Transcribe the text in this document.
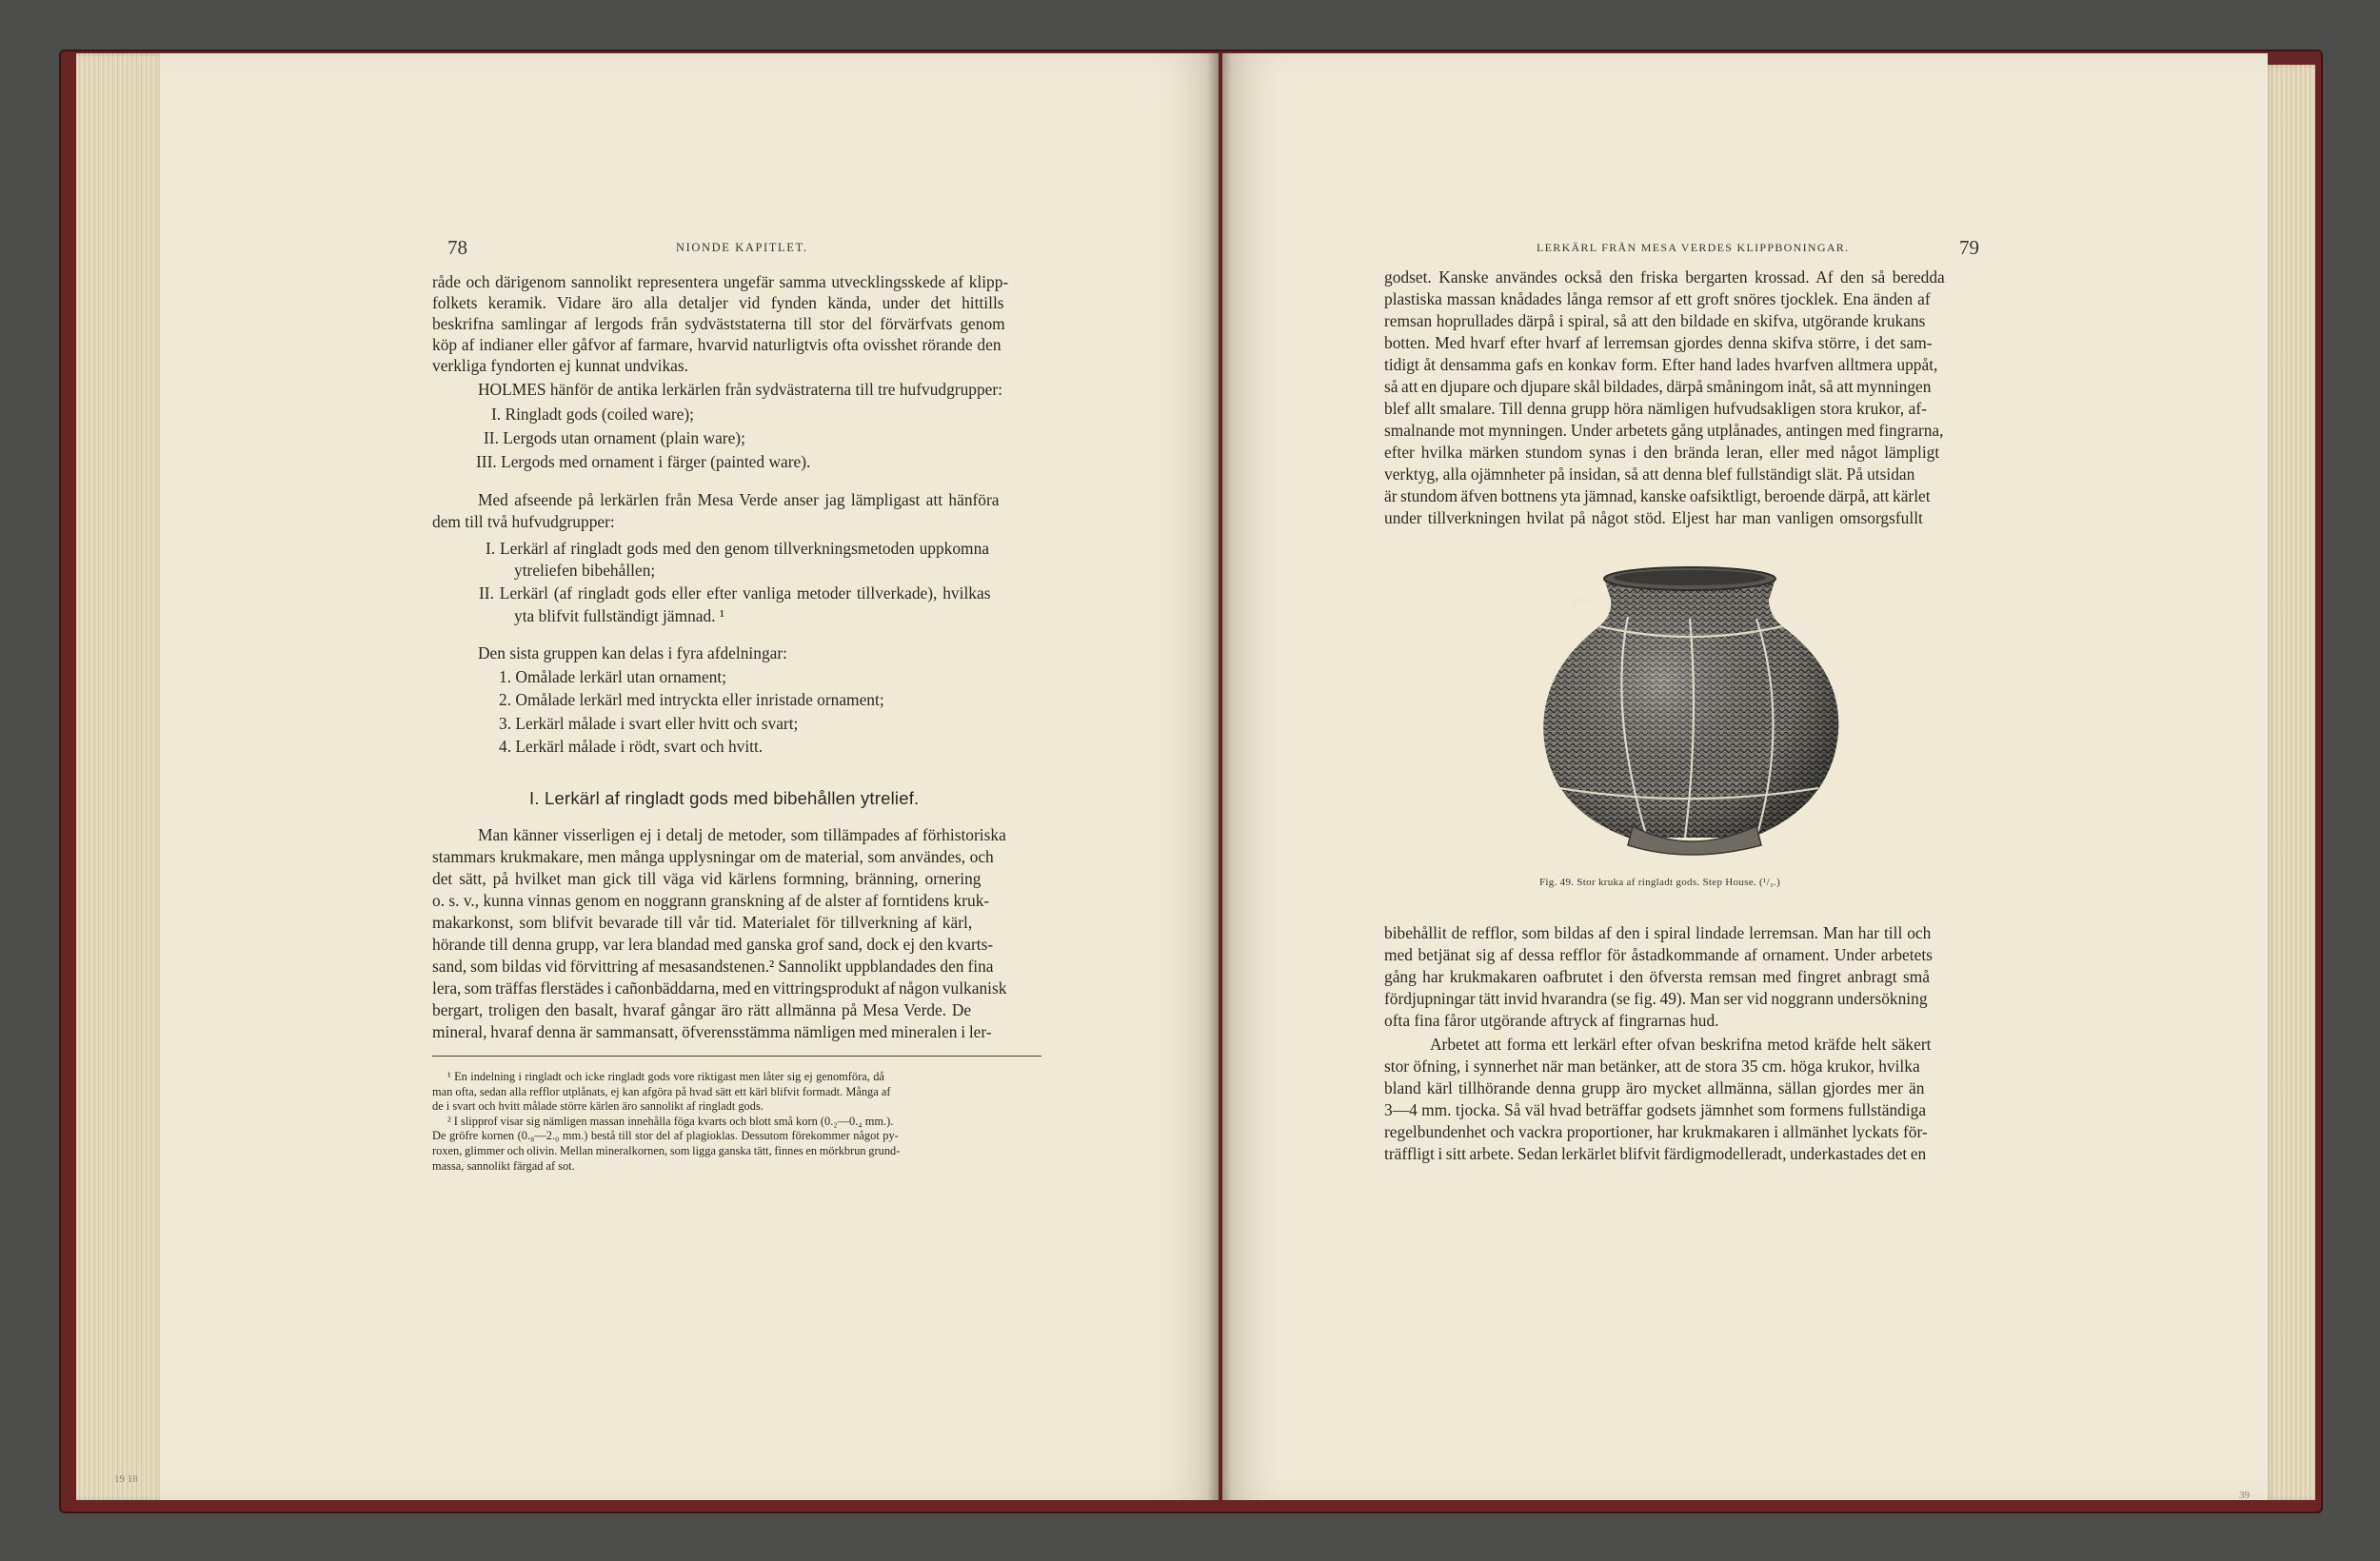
78	NIONDE KAPITLET.
råde och därigenom sannolikt representera ungefär samma utvecklingsskede af klipp-
folkets keramik. Vidare äro alla detaljer vid fynden kända, under det hittills
beskrifna samlingar af lergods från sydväststaterna till stor del förvärfvats genom
köp af indianer eller gåfvor af farmare, hvarvid naturligtvis ofta ovisshet rörande den
verkliga fyndorten ej kunnat undvikas.
HOLMES hänför de antika lerkärlen från sydvästraterna till tre hufvudgrupper:
I. Ringladt gods (coiled ware);
II. Lergods utan ornament (plain ware);
III. Lergods med ornament i färger (painted ware).
Med afseende på lerkärlen från Mesa Verde anser jag lämpligast att hänföra
dem till två hufvudgrupper:
I. Lerkärl af ringladt gods med den genom tillverkningsmetoden uppkomna
ytreliefen bibehållen;
II. Lerkärl (af ringladt gods eller efter vanliga metoder tillverkade), hvilkas
yta blifvit fullständigt jämnad. ¹
Den sista gruppen kan delas i fyra afdelningar:
1. Omålade lerkärl utan ornament;
2. Omålade lerkärl med intryckta eller inristade ornament;
3. Lerkärl målade i svart eller hvitt och svart;
4. Lerkärl målade i rödt, svart och hvitt.
I. Lerkärl af ringladt gods med bibehållen ytrelief.
Man känner visserligen ej i detalj de metoder, som tillämpades af förhistoriska
stammars krukmakare, men många upplysningar om de material, som användes, och
det sätt, på hvilket man gick till väga vid kärlens formning, bränning, ornering
o. s. v., kunna vinnas genom en noggrann granskning af de alster af forntidens kruk-
makarkonst, som blifvit bevarade till vår tid. Materialet för tillverkning af kärl,
hörande till denna grupp, var lera blandad med ganska grof sand, dock ej den kvarts-
sand, som bildas vid förvittring af mesasandstenen.² Sannolikt uppblandades den fina
lera, som träffas flerstädes i cañonbäddarna, med en vittringsprodukt af någon vulkanisk
bergart, troligen den basalt, hvaraf gångar äro rätt allmänna på Mesa Verde. De
mineral, hvaraf denna är sammansatt, öfverensstämma nämligen med mineralen i ler-
¹ En indelning i ringladt och icke ringladt gods vore riktigast men låter sig ej genomföra, då
man ofta, sedan alla refflor utplånats, ej kan afgöra på hvad sätt ett kärl blifvit formadt. Många af
de i svart och hvitt målade större kärlen äro sannolikt af ringladt gods.
² I slipprof visar sig nämligen massan innehålla föga kvarts och blott små korn (0.₂—0.₄ mm.).
De gröfre kornen (0.₈—2.₀ mm.) bestå till stor del af plagioklas. Dessutom förekommer något py-
roxen, glimmer och olivin. Mellan mineralkornen, som ligga ganska tätt, finnes en mörkbrun grund-
massa, sannolikt färgad af sot.
19 18
LERKÄRL FRÅN MESA VERDES KLIPPBONINGAR.	79
godset. Kanske användes också den friska bergarten krossad. Af den så beredda
plastiska massan knådades långa remsor af ett groft snöres tjocklek. Ena änden af
remsan hoprullades därpå i spiral, så att den bildade en skifva, utgörande krukans
botten. Med hvarf efter hvarf af lerremsan gjordes denna skifva större, i det sam-
tidigt åt densamma gafs en konkav form. Efter hand lades hvarfven alltmera uppåt,
så att en djupare och djupare skål bildades, därpå småningom inåt, så att mynningen
blef allt smalare. Till denna grupp höra nämligen hufvudsakligen stora krukor, af-
smalnande mot mynningen. Under arbetets gång utplånades, antingen med fingrarna,
efter hvilka märken stundom synas i den brända leran, eller med något lämpligt
verktyg, alla ojämnheter på insidan, så att denna blef fullständigt slät. På utsidan
är stundom äfven bottnens yta jämnad, kanske oafsiktligt, beroende därpå, att kärlet
under tillverkningen hvilat på något stöd. Eljest har man vanligen omsorgsfullt
Fig. 49. Stor kruka af ringladt gods. Step House. (¹/₃.)
bibehållit de refflor, som bildas af den i spiral lindade lerremsan. Man har till och
med betjänat sig af dessa refflor för åstadkommande af ornament. Under arbetets
gång har krukmakaren oafbrutet i den öfversta remsan med fingret anbragt små
fördjupningar tätt invid hvarandra (se fig. 49). Man ser vid noggrann undersökning
ofta fina fåror utgörande aftryck af fingrarnas hud.
Arbetet att forma ett lerkärl efter ofvan beskrifna metod kräfde helt säkert
stor öfning, i synnerhet när man betänker, att de stora 35 cm. höga krukor, hvilka
bland kärl tillhörande denna grupp äro mycket allmänna, sällan gjordes mer än
3—4 mm. tjocka. Så väl hvad beträffar godsets jämnhet som formens fullständiga
regelbundenhet och vackra proportioner, har krukmakaren i allmänhet lyckats för-
träffligt i sitt arbete. Sedan lerkärlet blifvit färdigmodelleradt, underkastades det en
39
